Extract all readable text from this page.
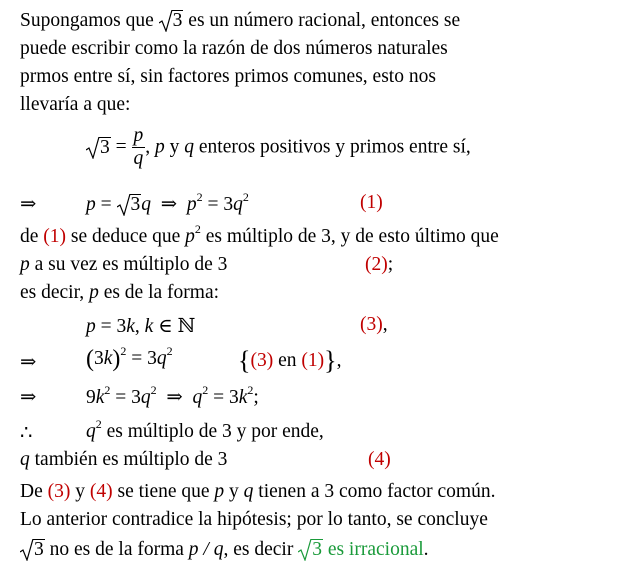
Supongamos que 3 es un número racional, entonces se
puede escribir como la razón de dos números naturales
prmos entre sí, sin factores primos comunes, esto nos
llevaría a que:
$3 = \frac{p}{q}$ , p y q enteros positivos y primos entre sí,
⇒	p = 3q ⇒ $p^2 = 3q^2$	(1)
de (1) se deduce que $p^2$ es múltiplo de 3, y de esto último que
p a su vez es múltiplo de 3	(2);
es decir, p es de la forma:
p = 3k, k ∈ ℕ	(3),
⇒ $(3k)^2 = 3q^2$	{(3) en (1)},
⇒	$9k^2 = 3q^2$ ⇒ $q^2 = 3k^2$;
∴	$q^2$ es múltiplo de 3 y por ende,
q también es múltiplo de 3	(4)
De (3) y (4) se tiene que p y q tienen a 3 como factor común.
Lo anterior contradice la hipótesis; por lo tanto, se concluye
3 no es de la forma p / q, es decir 3 es irracional.
